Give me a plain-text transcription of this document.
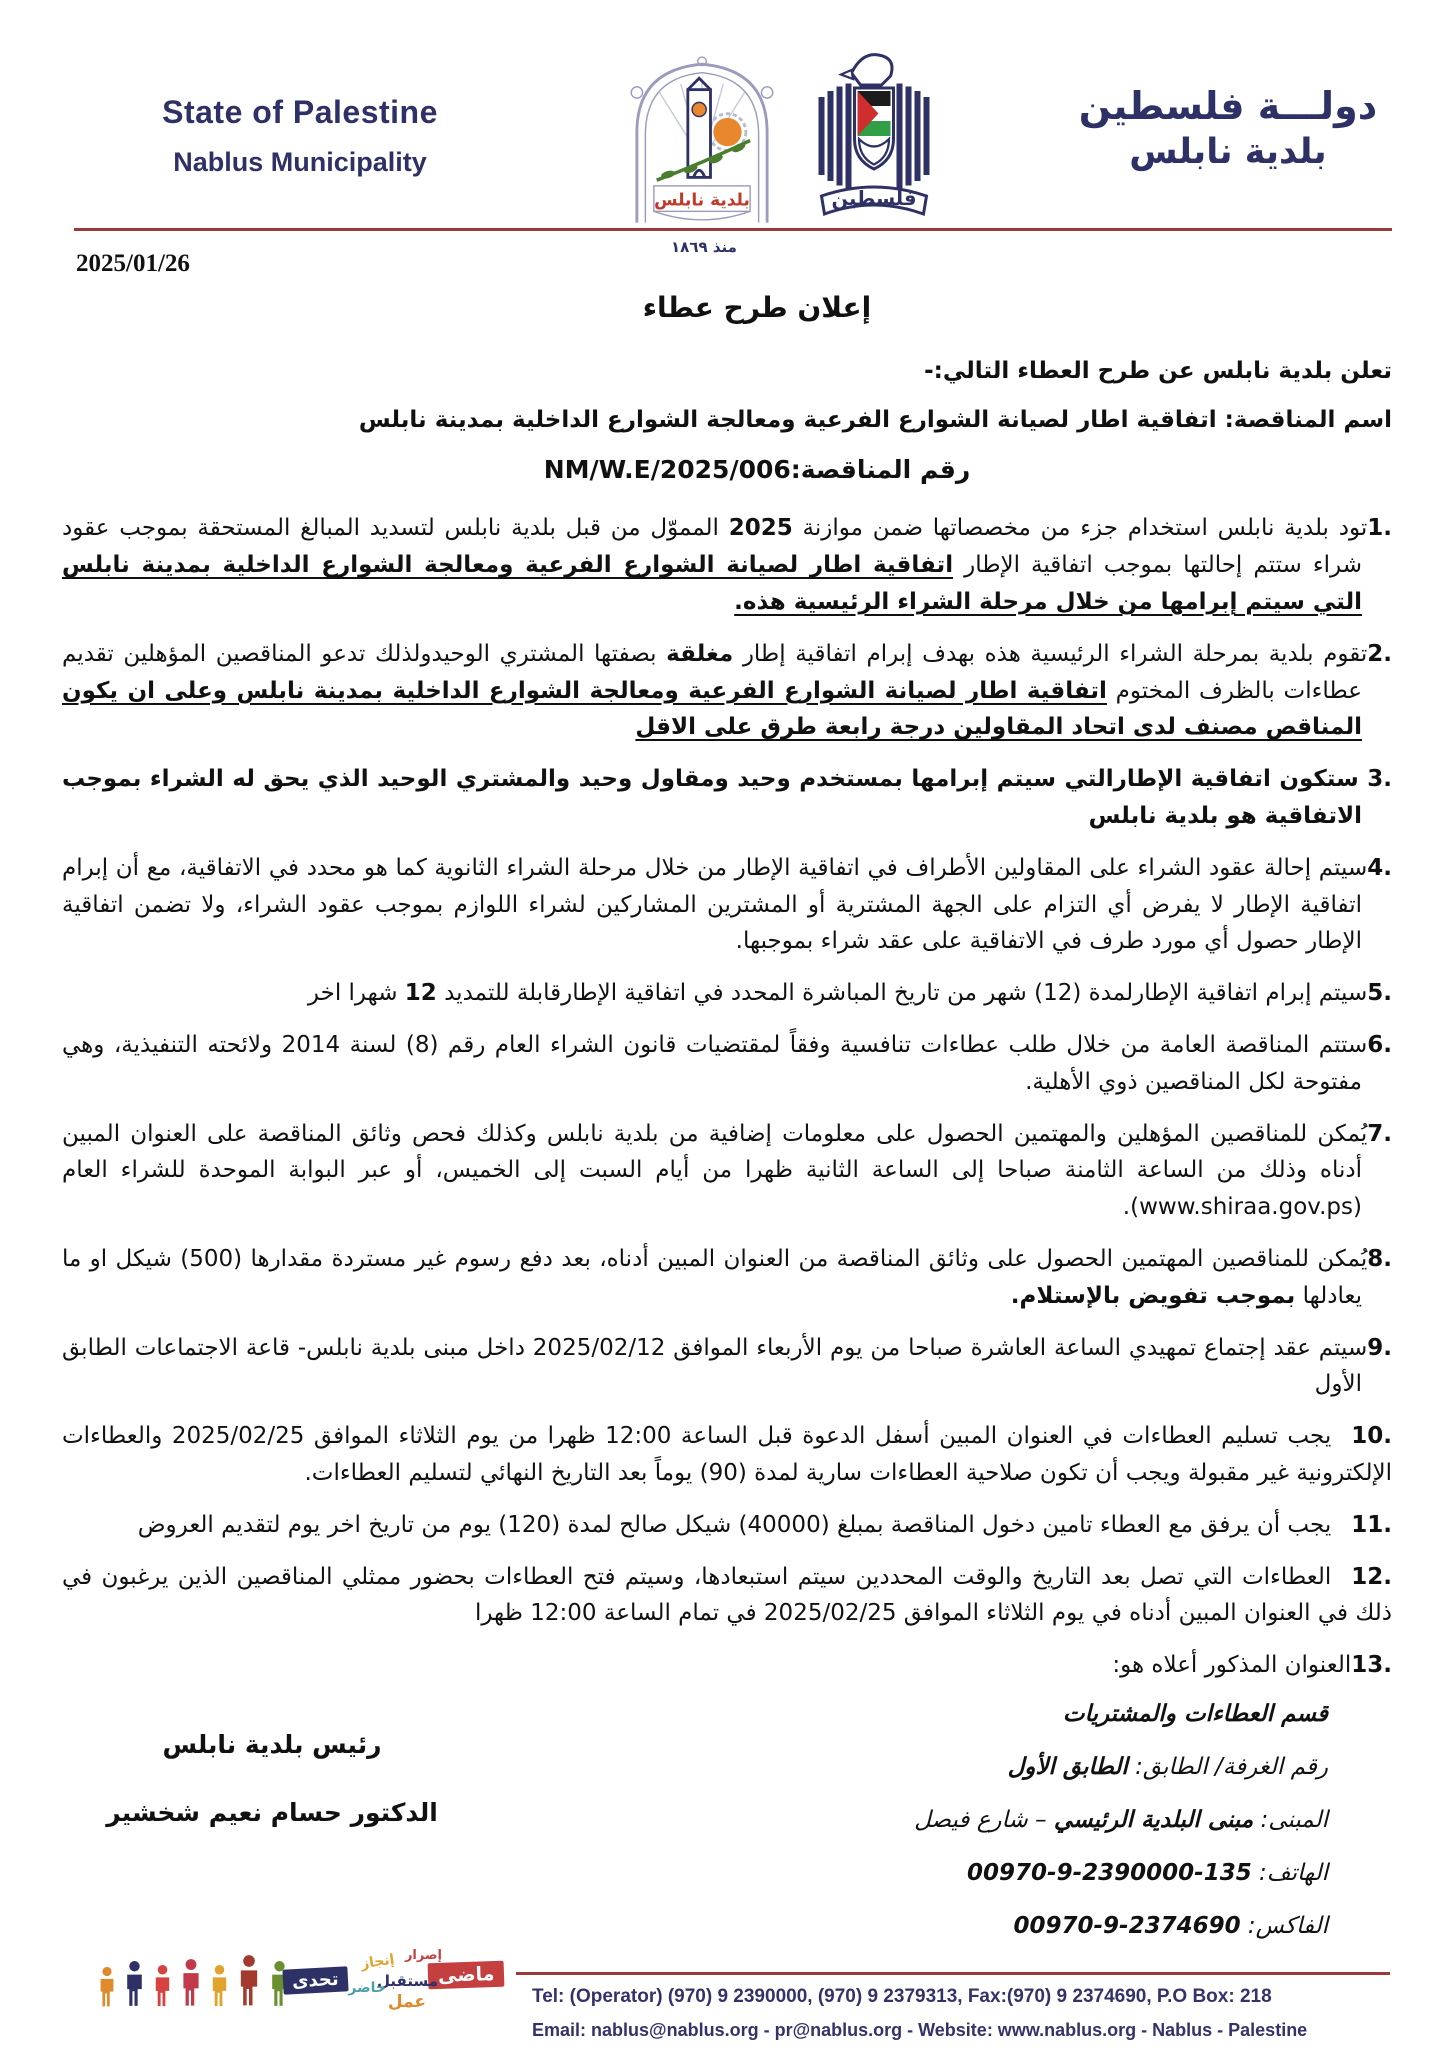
State of Palestine
Nablus Municipality
بلدية نابلس	فلسطين
دولـــة فلسطين
بلدية نابلس
منذ ١٨٦٩
2025/01/26
إعلان طرح عطاء
تعلن بلدية نابلس عن طرح العطاء التالي:-
اسم المناقصة: اتفاقية اطار لصيانة الشوارع الفرعية ومعالجة الشوارع الداخلية بمدينة نابلس
رقم المناقصة:NM/W.E/2025/006
1.تود بلدية نابلس استخدام جزء من مخصصاتها ضمن موازنة 2025 المموّل من قبل بلدية نابلس لتسديد المبالغ المستحقة بموجب عقود شراء ستتم إحالتها بموجب اتفاقية الإطار اتفاقية اطار لصيانة الشوارع الفرعية ومعالجة الشوارع الداخلية بمدينة نابلس التي سيتم إبرامها من خلال مرحلة الشراء الرئيسية هذه.
2.تقوم بلدية بمرحلة الشراء الرئيسية هذه بهدف إبرام اتفاقية إطار مغلقة بصفتها المشتري الوحيدولذلك تدعو المناقصين المؤهلين تقديم عطاءات بالظرف المختوم اتفاقية اطار لصيانة الشوارع الفرعية ومعالجة الشوارع الداخلية بمدينة نابلس وعلى ان يكون المناقص مصنف لدى اتحاد المقاولين درجة رابعة طرق على الاقل
3. ستكون اتفاقية الإطارالتي سيتم إبرامها بمستخدم وحيد ومقاول وحيد والمشتري الوحيد الذي يحق له الشراء بموجب الاتفاقية هو بلدية نابلس
4.سيتم إحالة عقود الشراء على المقاولين الأطراف في اتفاقية الإطار من خلال مرحلة الشراء الثانوية كما هو محدد في الاتفاقية، مع أن إبرام اتفاقية الإطار لا يفرض أي التزام على الجهة المشترية أو المشترين المشاركين لشراء اللوازم بموجب عقود الشراء، ولا تضمن اتفاقية الإطار حصول أي مورد طرف في الاتفاقية على عقد شراء بموجبها.
5.سيتم إبرام اتفاقية الإطارلمدة (12) شهر من تاريخ المباشرة المحدد في اتفاقية الإطارقابلة للتمديد 12 شهرا اخر
6.ستتم المناقصة العامة من خلال طلب عطاءات تنافسية وفقاً لمقتضيات قانون الشراء العام رقم (8) لسنة 2014 ولائحته التنفيذية، وهي مفتوحة لكل المناقصين ذوي الأهلية.
7.يُمكن للمناقصين المؤهلين والمهتمين الحصول على معلومات إضافية من بلدية نابلس وكذلك فحص وثائق المناقصة على العنوان المبين أدناه وذلك من الساعة الثامنة صباحا إلى الساعة الثانية ظهرا من أيام السبت إلى الخميس، أو عبر البوابة الموحدة للشراء العام (www.shiraa.gov.ps).
8.يُمكن للمناقصين المهتمين الحصول على وثائق المناقصة من العنوان المبين أدناه، بعد دفع رسوم غير مستردة مقدارها (500) شيكل او ما يعادلها بموجب تفويض بالإستلام.
9.سيتم عقد إجتماع تمهيدي الساعة العاشرة صباحا من يوم الأربعاء الموافق 2025/02/12 داخل مبنى بلدية نابلس- قاعة الاجتماعات الطابق الأول
10.يجب تسليم العطاءات في العنوان المبين أسفل الدعوة قبل الساعة 12:00 ظهرا من يوم الثلاثاء الموافق 2025/02/25 والعطاءات الإلكترونية غير مقبولة ويجب أن تكون صلاحية العطاءات سارية لمدة (90) يوماً بعد التاريخ النهائي لتسليم العطاءات.
11.يجب أن يرفق مع العطاء تامين دخول المناقصة بمبلغ (40000) شيكل صالح لمدة (120) يوم من تاريخ اخر يوم لتقديم العروض
12.العطاءات التي تصل بعد التاريخ والوقت المحددين سيتم استبعادها، وسيتم فتح العطاءات بحضور ممثلي المناقصين الذين يرغبون في ذلك في العنوان المبين أدناه في يوم الثلاثاء الموافق 2025/02/25 في تمام الساعة 12:00 ظهرا
13.العنوان المذكور أعلاه هو:
رئيس بلدية نابلس
الدكتور حسام نعيم شخشير
قسم العطاءات والمشتريات
رقم الغرفة/ الطابق: الطابق الأول
المبنى: مبنى البلدية الرئيسي – شارع فيصل
الهاتف: 00970-9-2390000-135
الفاكس: 00970-9-2374690
Tel: (Operator) (970) 9 2390000, (970) 9 2379313, Fax:(970) 9 2374690, P.O Box: 218
Email: nablus@nablus.org - pr@nablus.org - Website: www.nablus.org - Nablus - Palestine
ماضى
مستقبل
عمل
إصرار
إنجاز
حاضر
تحدى
